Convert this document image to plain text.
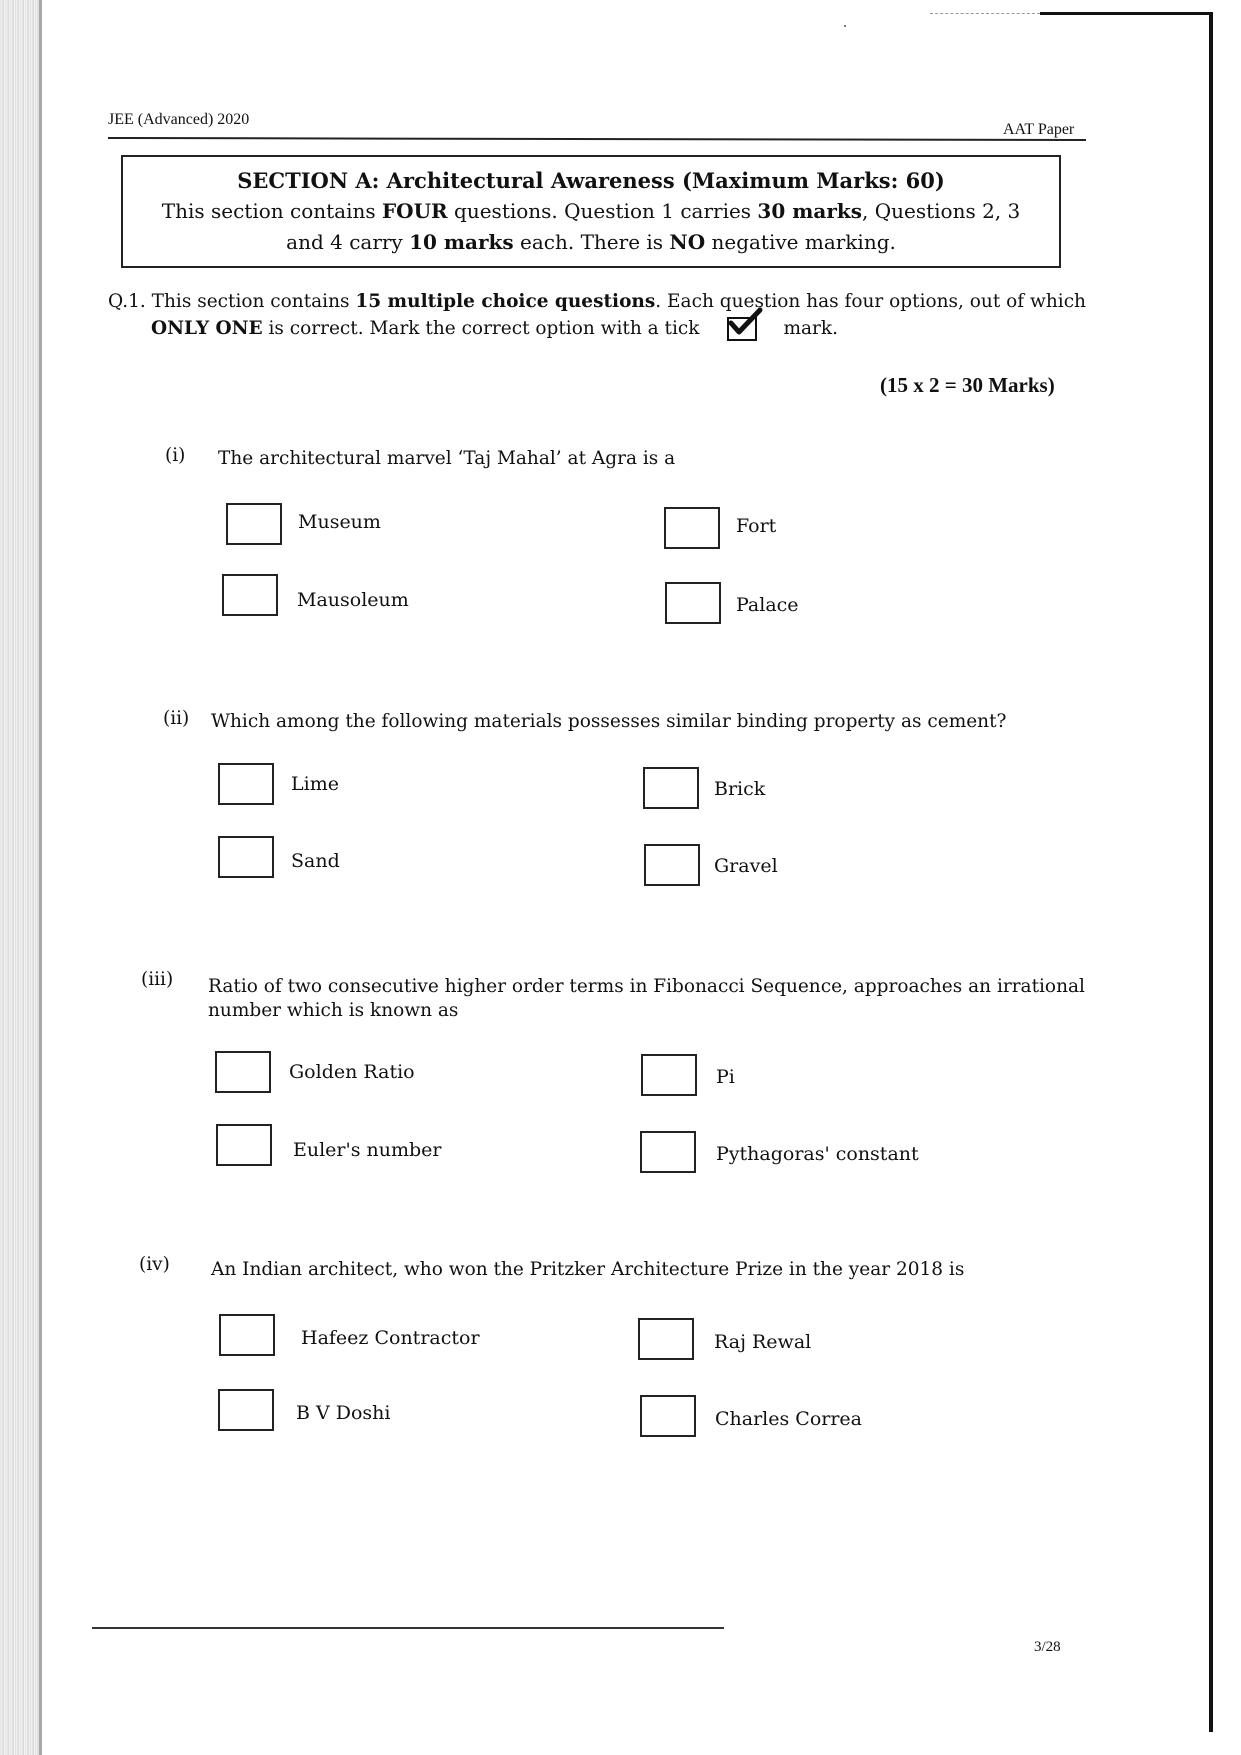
JEE (Advanced) 2020
AAT Paper
SECTION A: Architectural Awareness (Maximum Marks: 60)
This section contains FOUR questions. Question 1 carries 30 marks, Questions 2, 3
and 4 carry 10 marks each. There is NO negative marking.
Q.1. This section contains 15 multiple choice questions. Each question has four options, out of which
ONLY ONE is correct. Mark the correct option with a tick	mark.
(15 x 2 = 30 Marks)
(i) The architectural marvel ‘Taj Mahal’ at Agra is a
Museum	Fort
Mausoleum	Palace
(ii) Which among the following materials possesses similar binding property as cement?
Lime	Brick
Sand	Gravel
(iii) Ratio of two consecutive higher order terms in Fibonacci Sequence, approaches an irrational
number which is known as
Golden Ratio	Pi
Euler's number	Pythagoras' constant
(iv) An Indian architect, who won the Pritzker Architecture Prize in the year 2018 is
Hafeez Contractor	Raj Rewal
B V Doshi	Charles Correa
3/28
